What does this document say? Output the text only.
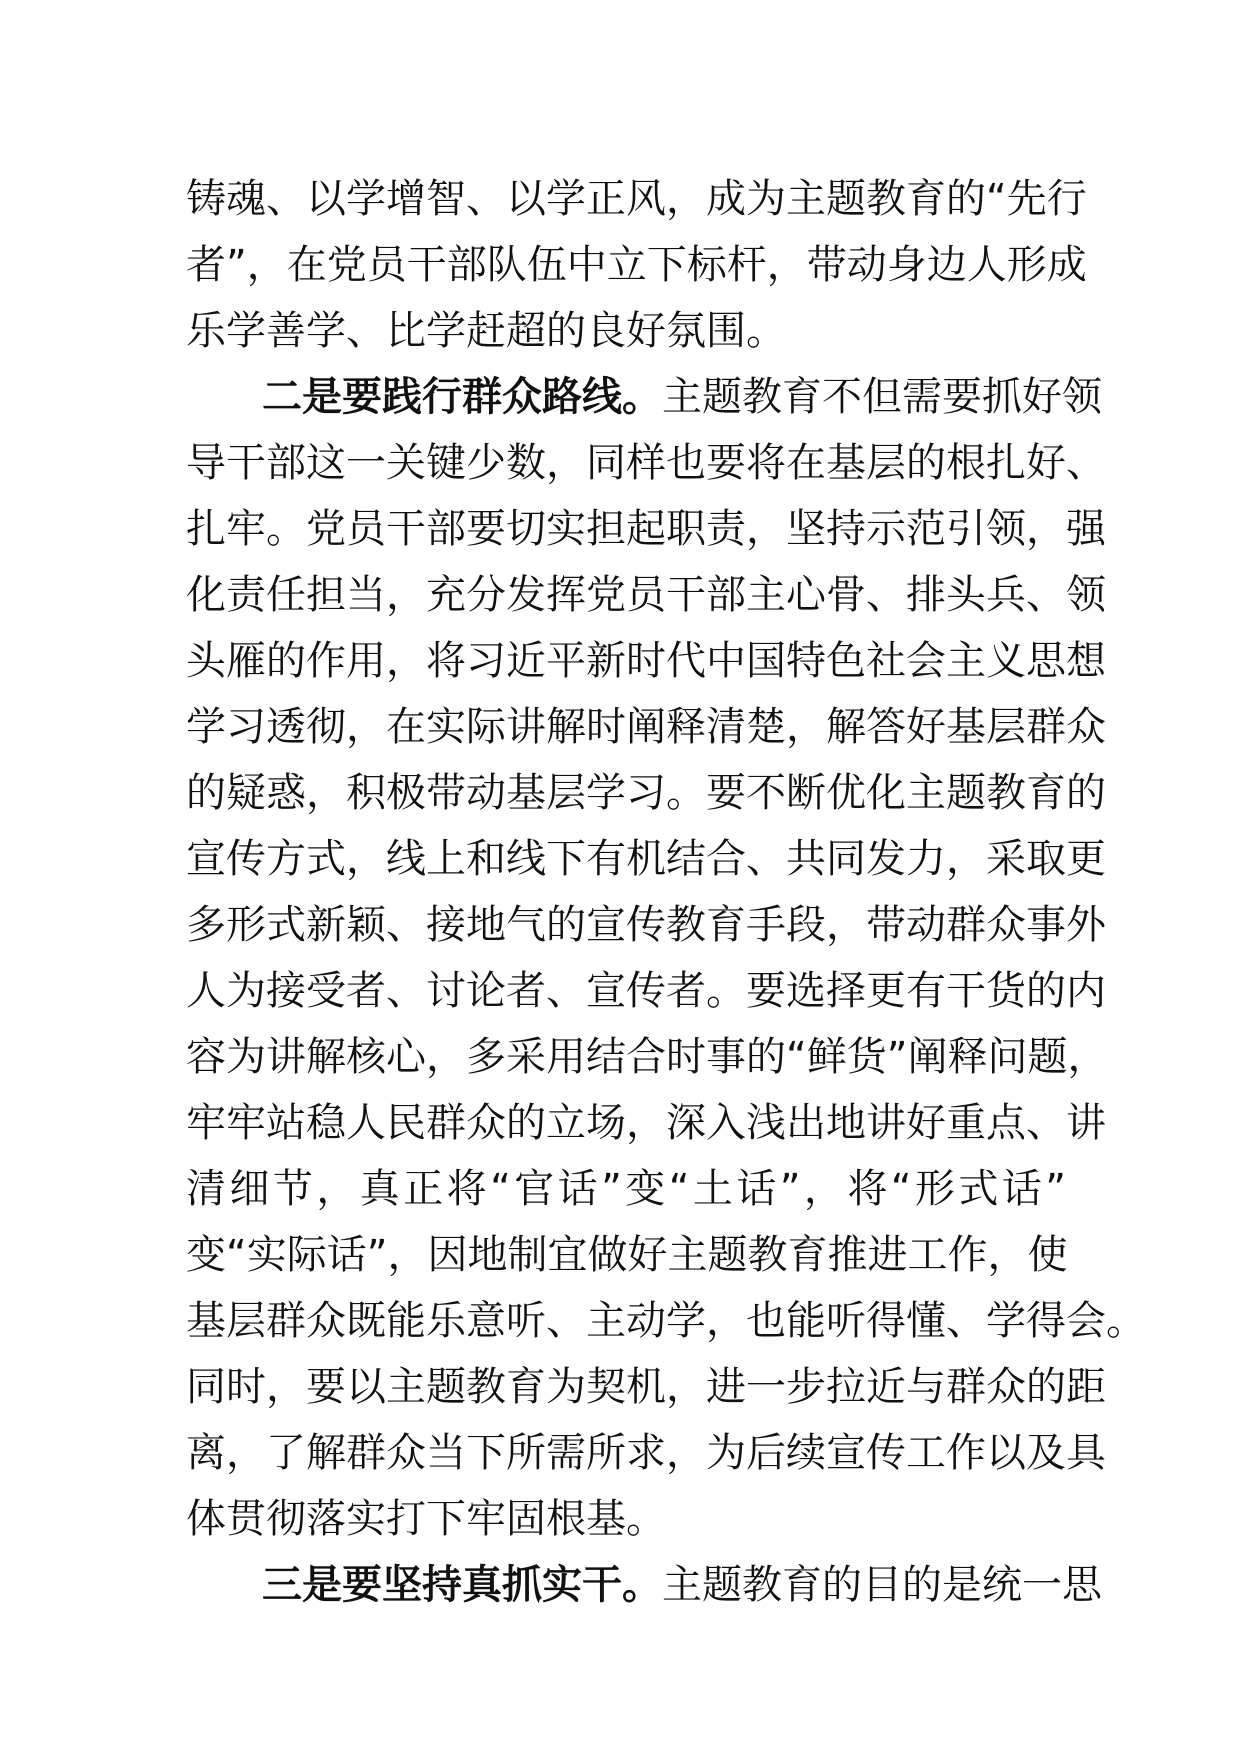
铸魂、以学增智、以学正风，成为主题教育的“先行
者”，在党员干部队伍中立下标杆，带动身边人形成
乐学善学、比学赶超的良好氛围。
二是要践行群众路线。主题教育不但需要抓好领
导干部这一关键少数，同样也要将在基层的根扎好、
扎牢。党员干部要切实担起职责，坚持示范引领，强
化责任担当，充分发挥党员干部主心骨、排头兵、领
头雁的作用，将习近平新时代中国特色社会主义思想
学习透彻，在实际讲解时阐释清楚，解答好基层群众
的疑惑，积极带动基层学习。要不断优化主题教育的
宣传方式，线上和线下有机结合、共同发力，采取更
多形式新颖、接地气的宣传教育手段，带动群众事外
人为接受者、讨论者、宣传者。要选择更有干货的内
容为讲解核心，多采用结合时事的“鲜货”阐释问题，
牢牢站稳人民群众的立场，深入浅出地讲好重点、讲
清细节，真正将“官话”变“土话”，将“形式话”
变“实际话”，因地制宜做好主题教育推进工作，使
基层群众既能乐意听、主动学，也能听得懂、学得会。
同时，要以主题教育为契机，进一步拉近与群众的距
离，了解群众当下所需所求，为后续宣传工作以及具
体贯彻落实打下牢固根基。
三是要坚持真抓实干。主题教育的目的是统一思
